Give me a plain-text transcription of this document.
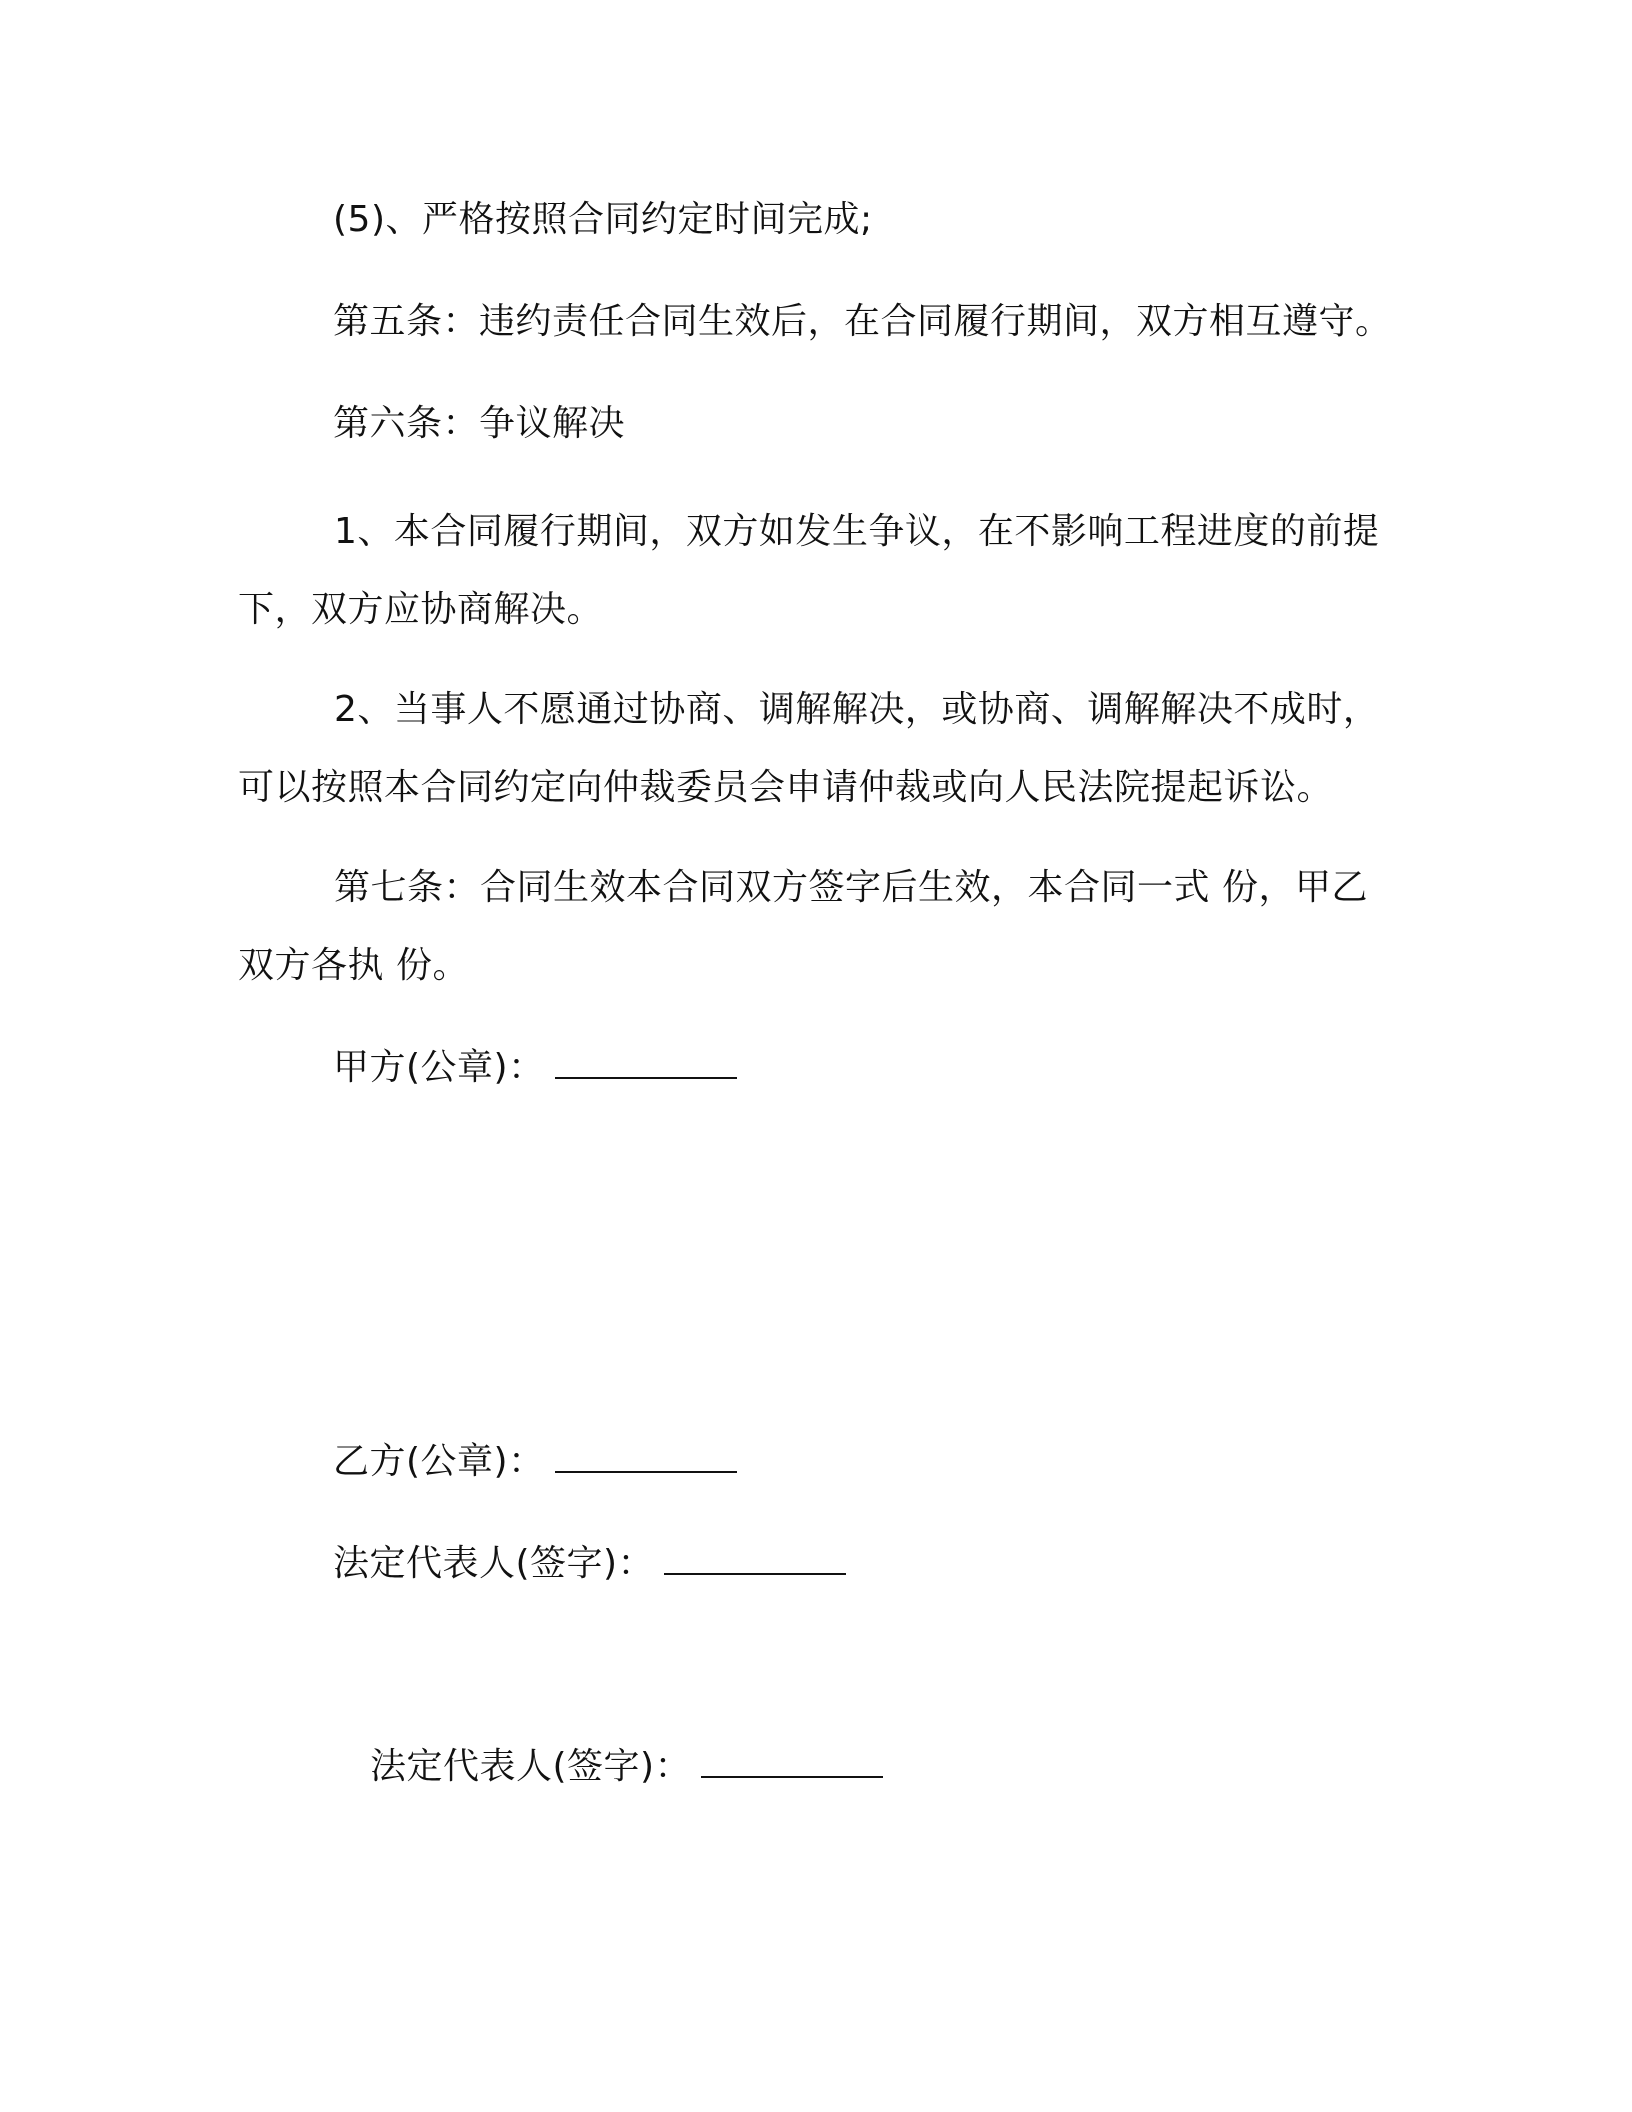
(5)、严格按照合同约定时间完成;
第五条：违约责任合同生效后，在合同履行期间，双方相互遵守。
第六条：争议解决
1、本合同履行期间，双方如发生争议，在不影响工程进度的前提下，双方应协商解决。
2、当事人不愿通过协商、调解解决，或协商、调解解决不成时，可以按照本合同约定向仲裁委员会申请仲裁或向人民法院提起诉讼。
第七条：合同生效本合同双方签字后生效，本合同一式 份，甲乙双方各执 份。
甲方(公章)：
乙方(公章)：
法定代表人(签字)：
法定代表人(签字)：
